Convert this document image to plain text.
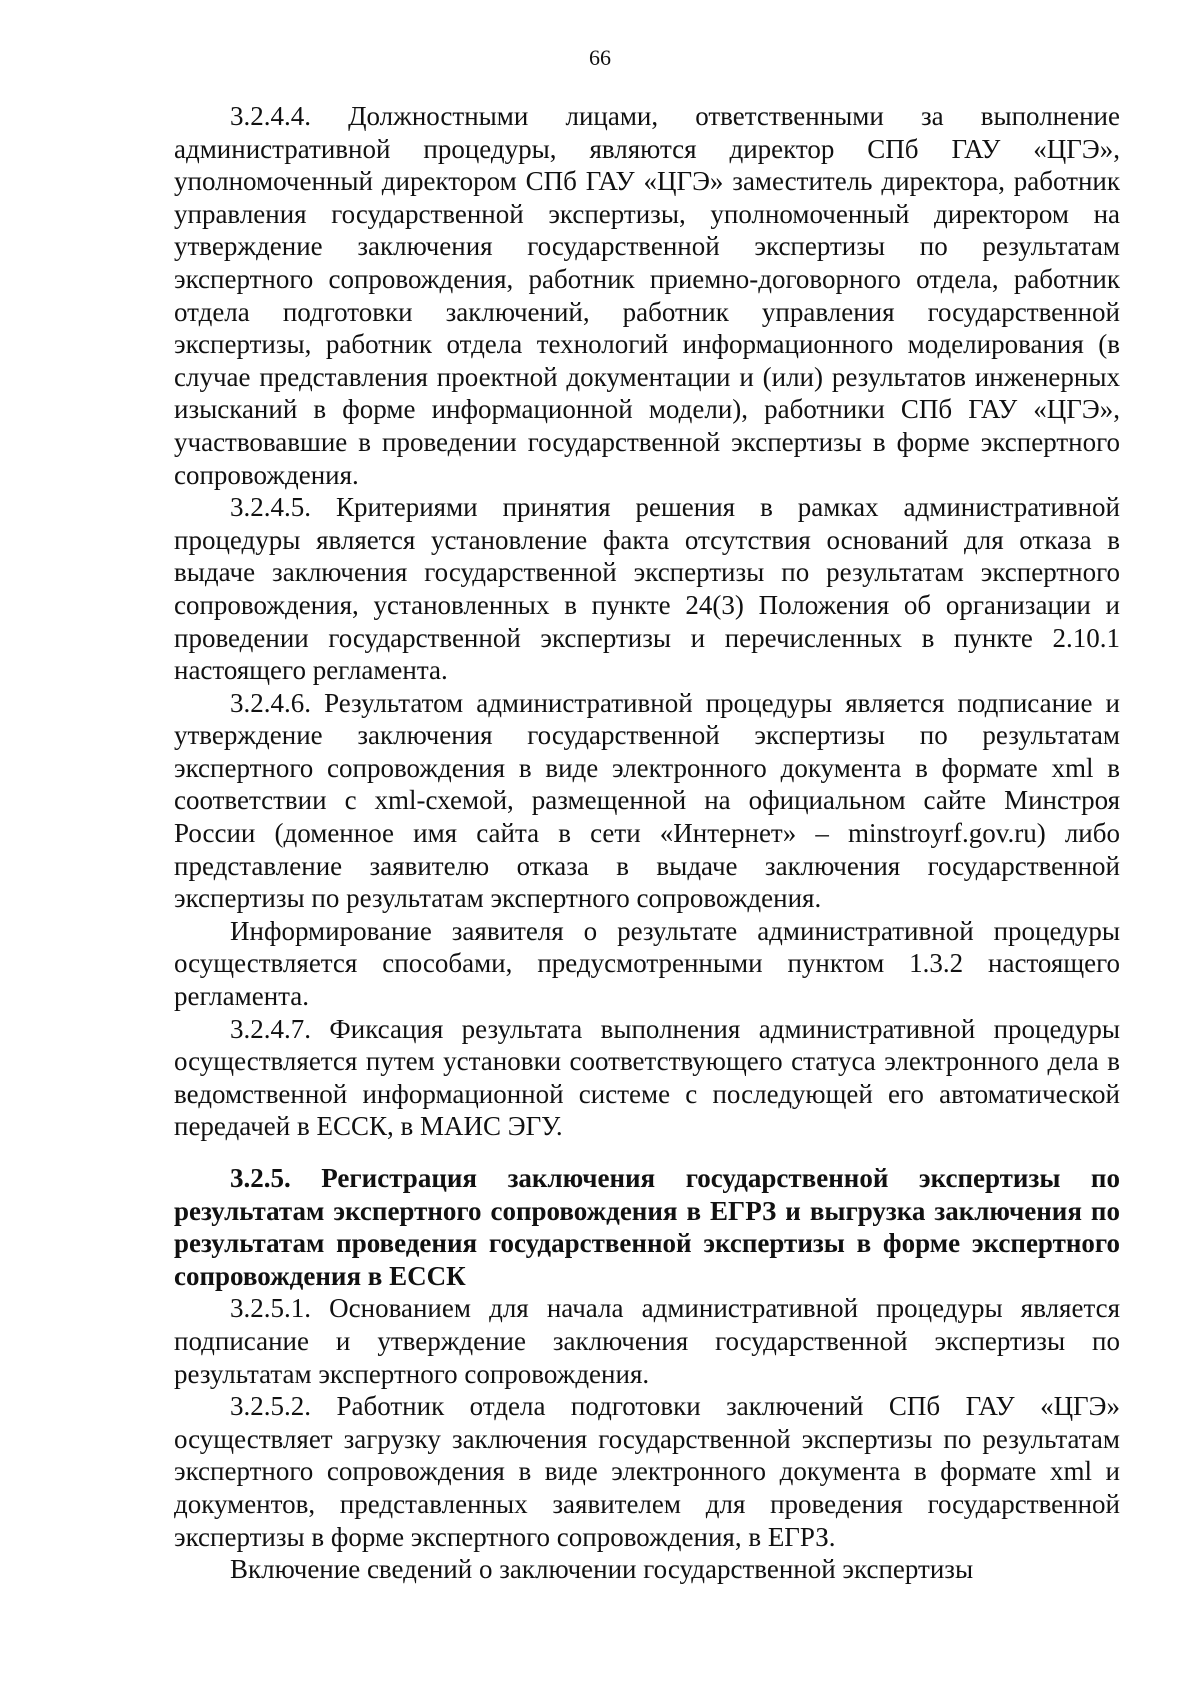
66

3.2.4.4. Должностными лицами, ответственными за выполнение административной процедуры, являются директор СПб ГАУ «ЦГЭ», уполномоченный директором СПб ГАУ «ЦГЭ» заместитель директора, работник управления государственной экспертизы, уполномоченный директором на утверждение заключения государственной экспертизы по результатам экспертного сопровождения, работник приемно-договорного отдела, работник отдела подготовки заключений, работник управления государственной экспертизы, работник отдела технологий информационного моделирования (в случае представления проектной документации и (или) результатов инженерных изысканий в форме информационной модели), работники СПб ГАУ «ЦГЭ», участвовавшие в проведении государственной экспертизы в форме экспертного сопровождения.

3.2.4.5. Критериями принятия решения в рамках административной процедуры является установление факта отсутствия оснований для отказа в выдаче заключения государственной экспертизы по результатам экспертного сопровождения, установленных в пункте 24(3) Положения об организации и проведении государственной экспертизы и перечисленных в пункте 2.10.1 настоящего регламента.

3.2.4.6. Результатом административной процедуры является подписание и утверждение заключения государственной экспертизы по результатам экспертного сопровождения в виде электронного документа в формате xml в соответствии с xml-схемой, размещенной на официальном сайте Минстроя России (доменное имя сайта в сети «Интернет» – minstroyrf.gov.ru) либо представление заявителю отказа в выдаче заключения государственной экспертизы по результатам экспертного сопровождения.

Информирование заявителя о результате административной процедуры осуществляется способами, предусмотренными пунктом 1.3.2 настоящего регламента.

3.2.4.7. Фиксация результата выполнения административной процедуры осуществляется путем установки соответствующего статуса электронного дела в ведомственной информационной системе с последующей его автоматической передачей в ЕССК, в МАИС ЭГУ.

3.2.5. Регистрация заключения государственной экспертизы по результатам экспертного сопровождения в ЕГРЗ и выгрузка заключения по результатам проведения государственной экспертизы в форме экспертного сопровождения в ЕССК

3.2.5.1. Основанием для начала административной процедуры является подписание и утверждение заключения государственной экспертизы по результатам экспертного сопровождения.

3.2.5.2. Работник отдела подготовки заключений СПб ГАУ «ЦГЭ» осуществляет загрузку заключения государственной экспертизы по результатам экспертного сопровождения в виде электронного документа в формате xml и документов, представленных заявителем для проведения государственной экспертизы в форме экспертного сопровождения, в ЕГРЗ.

Включение сведений о заключении государственной экспертизы
